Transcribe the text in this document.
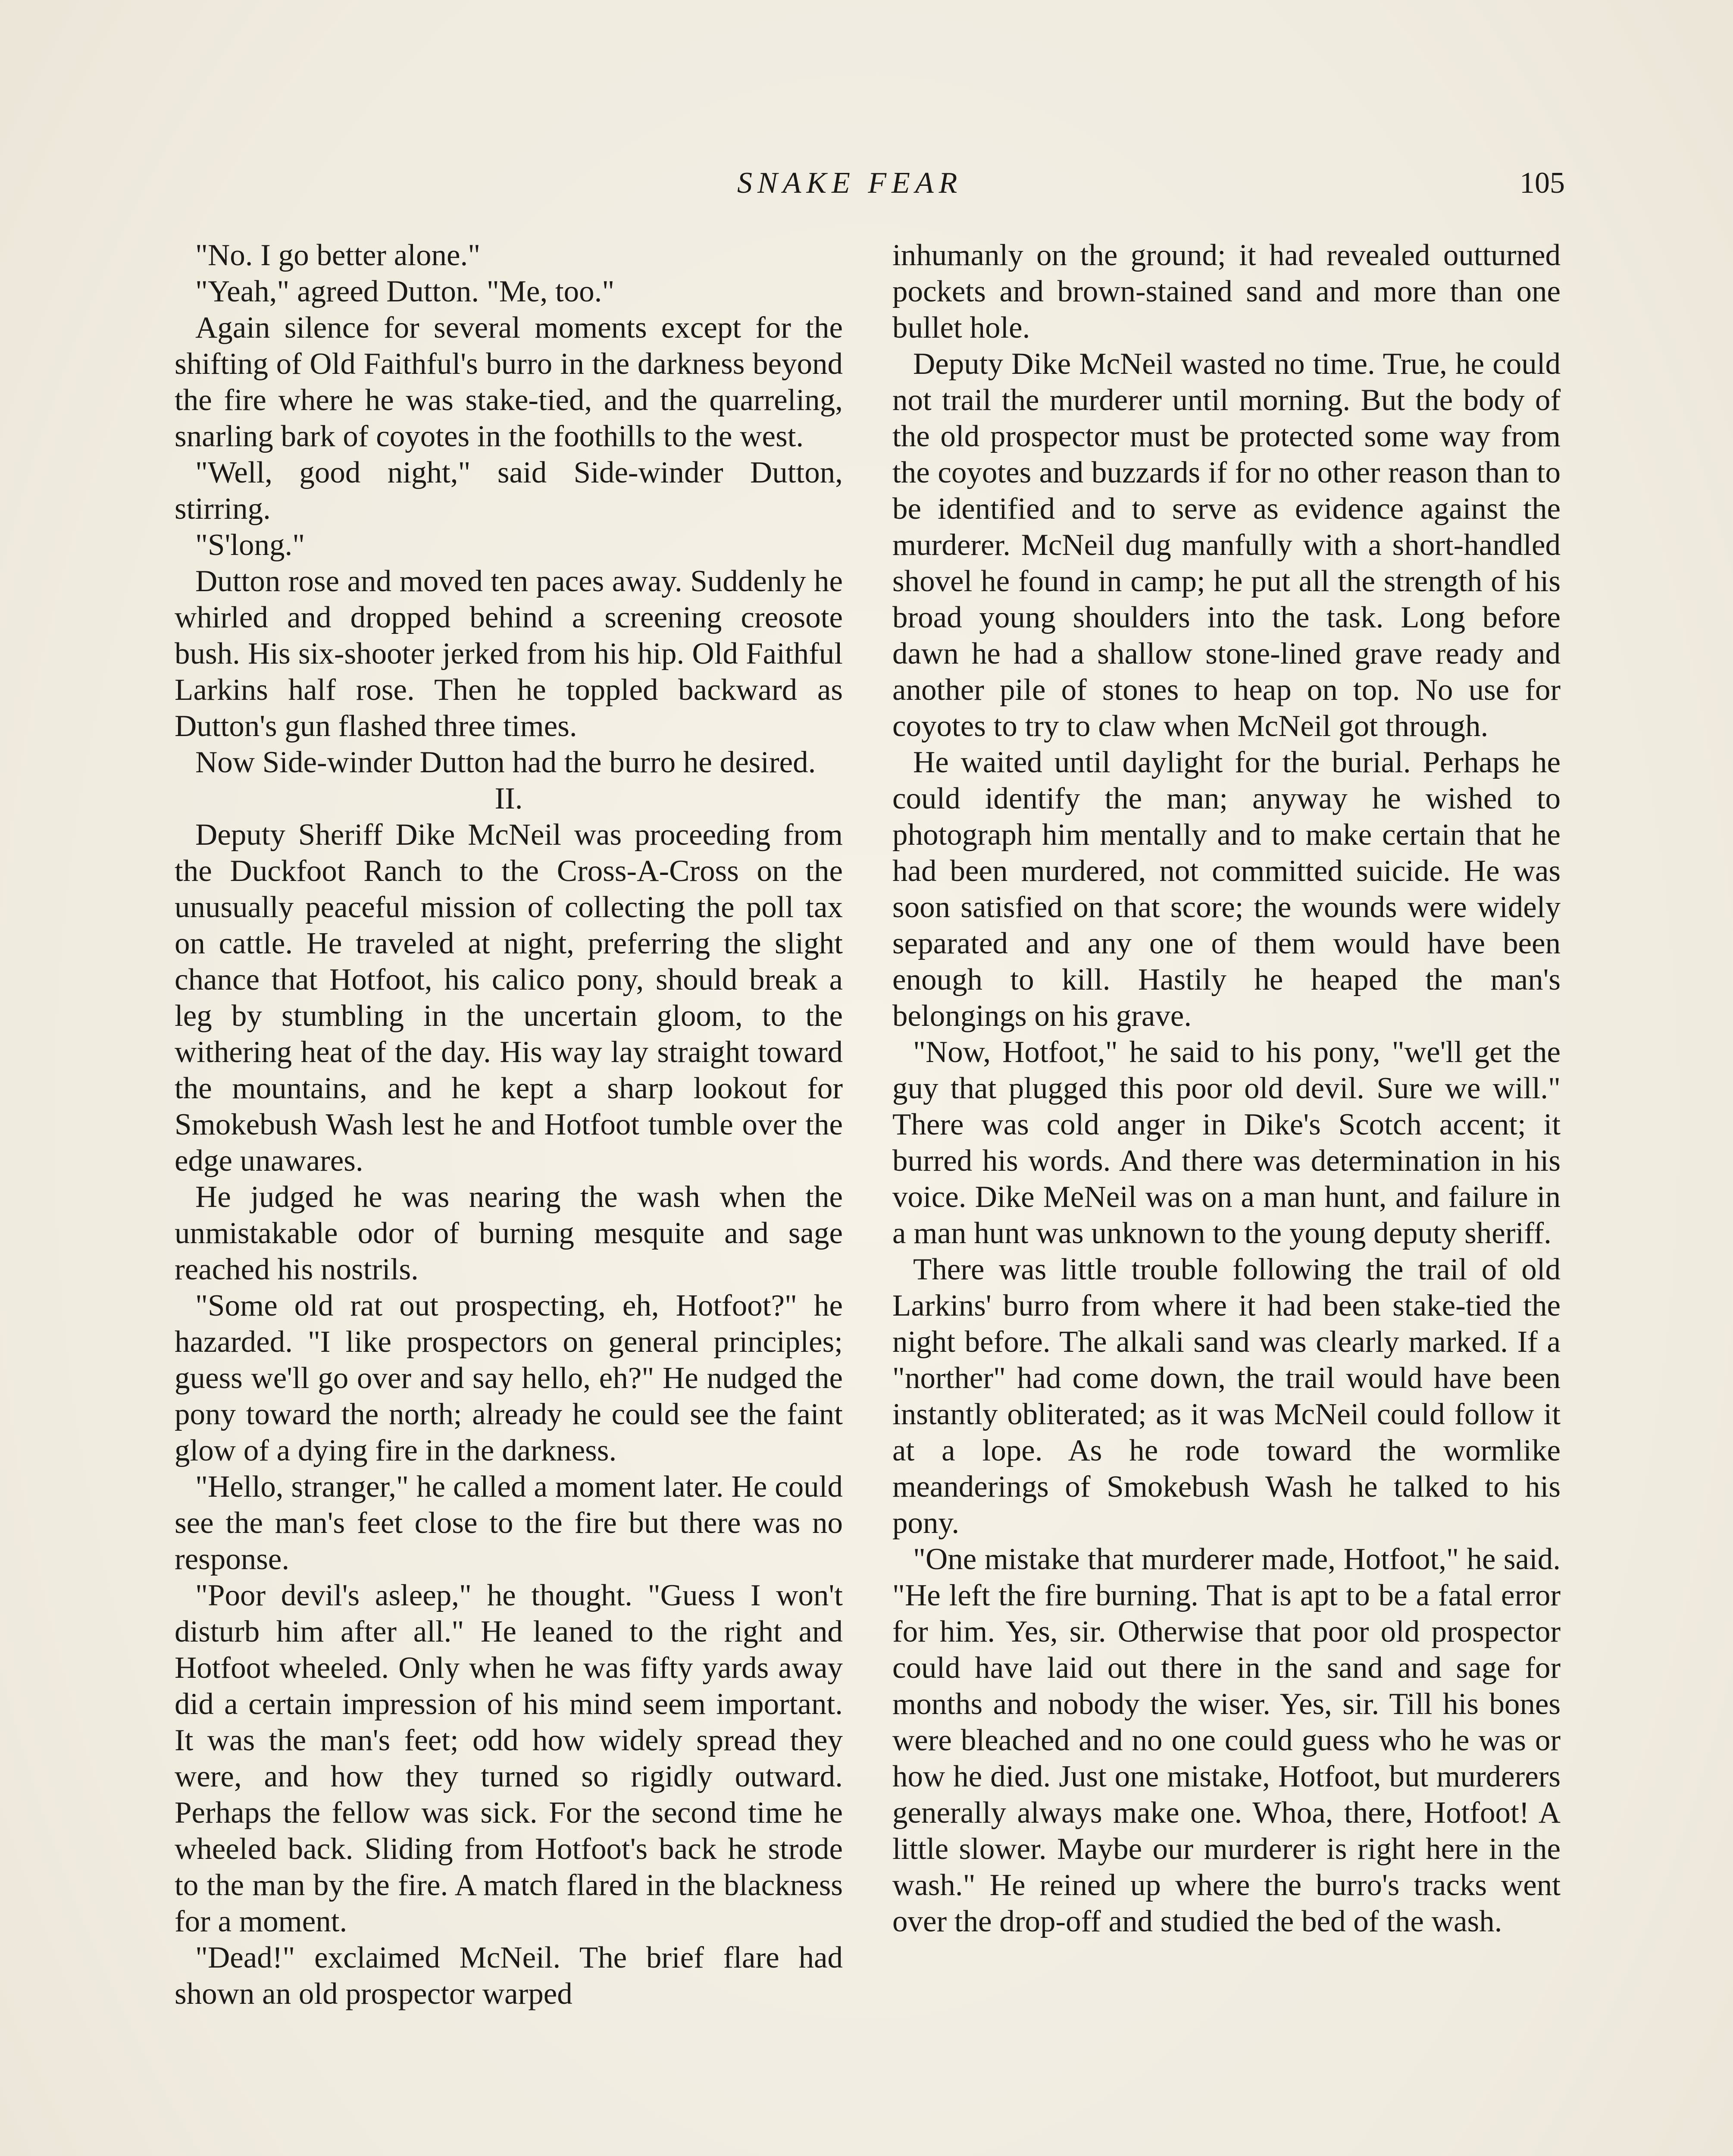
SNAKE FEAR	105

"No. I go better alone."

"Yeah," agreed Dutton. "Me, too."

Again silence for several moments except for the shifting of Old Faithful's burro in the darkness beyond the fire where he was stake-tied, and the quarreling, snarling bark of coyotes in the foothills to the west.

"Well, good night," said Side-winder Dutton, stirring.

"S'long."

Dutton rose and moved ten paces away. Suddenly he whirled and dropped behind a screening creosote bush. His six-shooter jerked from his hip. Old Faithful Larkins half rose. Then he toppled backward as Dutton's gun flashed three times.

Now Side-winder Dutton had the burro he desired.

II.

Deputy Sheriff Dike McNeil was proceeding from the Duckfoot Ranch to the Cross-A-Cross on the unusually peaceful mission of collecting the poll tax on cattle. He traveled at night, preferring the slight chance that Hotfoot, his calico pony, should break a leg by stumbling in the uncertain gloom, to the withering heat of the day. His way lay straight toward the mountains, and he kept a sharp lookout for Smokebush Wash lest he and Hotfoot tumble over the edge unawares.

He judged he was nearing the wash when the unmistakable odor of burning mesquite and sage reached his nostrils.

"Some old rat out prospecting, eh, Hotfoot?" he hazarded. "I like prospectors on general principles; guess we'll go over and say hello, eh?" He nudged the pony toward the north; already he could see the faint glow of a dying fire in the darkness.

"Hello, stranger," he called a moment later. He could see the man's feet close to the fire but there was no response.

"Poor devil's asleep," he thought. "Guess I won't disturb him after all." He leaned to the right and Hotfoot wheeled. Only when he was fifty yards away did a certain impression of his mind seem important. It was the man's feet; odd how widely spread they were, and how they turned so rigidly outward. Perhaps the fellow was sick. For the second time he wheeled back. Sliding from Hotfoot's back he strode to the man by the fire. A match flared in the blackness for a moment.

"Dead!" exclaimed McNeil. The brief flare had shown an old prospector warped

inhumanly on the ground; it had revealed outturned pockets and brown-stained sand and more than one bullet hole.

Deputy Dike McNeil wasted no time. True, he could not trail the murderer until morning. But the body of the old prospector must be protected some way from the coyotes and buzzards if for no other reason than to be identified and to serve as evidence against the murderer. McNeil dug manfully with a short-handled shovel he found in camp; he put all the strength of his broad young shoulders into the task. Long before dawn he had a shallow stone-lined grave ready and another pile of stones to heap on top. No use for coyotes to try to claw when McNeil got through.

He waited until daylight for the burial. Perhaps he could identify the man; anyway he wished to photograph him mentally and to make certain that he had been murdered, not committed suicide. He was soon satisfied on that score; the wounds were widely separated and any one of them would have been enough to kill. Hastily he heaped the man's belongings on his grave.

"Now, Hotfoot," he said to his pony, "we'll get the guy that plugged this poor old devil. Sure we will." There was cold anger in Dike's Scotch accent; it burred his words. And there was determination in his voice. Dike MeNeil was on a man hunt, and failure in a man hunt was unknown to the young deputy sheriff.

There was little trouble following the trail of old Larkins' burro from where it had been stake-tied the night before. The alkali sand was clearly marked. If a "norther" had come down, the trail would have been instantly obliterated; as it was McNeil could follow it at a lope. As he rode toward the wormlike meanderings of Smokebush Wash he talked to his pony.

"One mistake that murderer made, Hotfoot," he said. "He left the fire burning. That is apt to be a fatal error for him. Yes, sir. Otherwise that poor old prospector could have laid out there in the sand and sage for months and nobody the wiser. Yes, sir. Till his bones were bleached and no one could guess who he was or how he died. Just one mistake, Hotfoot, but murderers generally always make one. Whoa, there, Hotfoot! A little slower. Maybe our murderer is right here in the wash." He reined up where the burro's tracks went over the drop-off and studied the bed of the wash.
